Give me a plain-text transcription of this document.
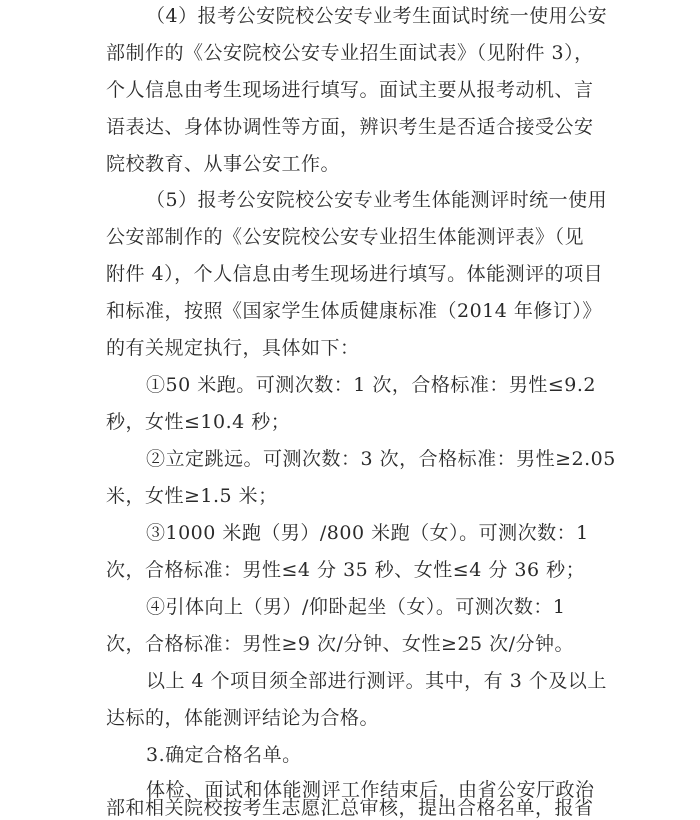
（4）报考公安院校公安专业考生面试时统一使用公安
部制作的《公安院校公安专业招生面试表》（见附件 3），
个人信息由考生现场进行填写。面试主要从报考动机、言
语表达、身体协调性等方面，辨识考生是否适合接受公安
院校教育、从事公安工作。
（5）报考公安院校公安专业考生体能测评时统一使用
公安部制作的《公安院校公安专业招生体能测评表》（见
附件 4），个人信息由考生现场进行填写。体能测评的项目
和标准，按照《国家学生体质健康标准（2014 年修订）》
的有关规定执行，具体如下：
①50 米跑。可测次数：1 次，合格标准：男性≤9.2
秒，女性≤10.4 秒；
②立定跳远。可测次数：3 次，合格标准：男性≥2.05
米，女性≥1.5 米；
③1000 米跑（男）/800 米跑（女）。可测次数：1
次，合格标准：男性≤4 分 35 秒、女性≤4 分 36 秒；
④引体向上（男）/仰卧起坐（女）。可测次数：1
次，合格标准：男性≥9 次/分钟、女性≥25 次/分钟。
以上 4 个项目须全部进行测评。其中，有 3 个及以上
达标的，体能测评结论为合格。
3.确定合格名单。
体检、面试和体能测评工作结束后，由省公安厅政治
部和相关院校按考生志愿汇总审核，提出合格名单，报省
